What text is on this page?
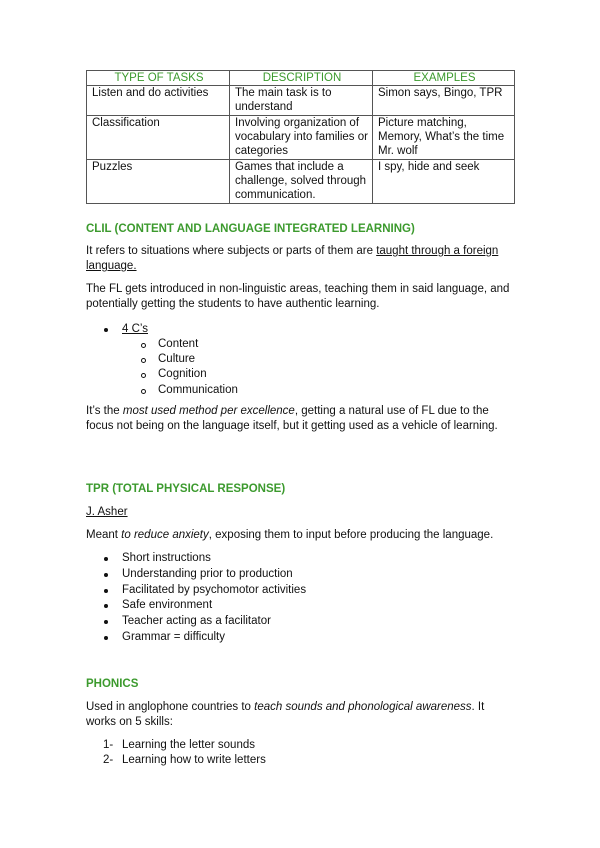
TYPE OF TASKS	DESCRIPTION	EXAMPLES
Listen and do activities	The main task is to understand	Simon says, Bingo, TPR
Classification	Involving organization of vocabulary into families or categories	Picture matching, Memory, What’s the time Mr. wolf
Puzzles	Games that include a challenge, solved through communication.	I spy, hide and seek
CLIL (CONTENT AND LANGUAGE INTEGRATED LEARNING)

It refers to situations where subjects or parts of them are taught through a foreign language.

The FL gets introduced in non-linguistic areas, teaching them in said language, and potentially getting the students to have authentic learning.

4 C’s
Content
Culture
Cognition
Communication

It’s the most used method per excellence, getting a natural use of FL due to the focus not being on the language itself, but it getting used as a vehicle of learning.

TPR (TOTAL PHYSICAL RESPONSE)

J. Asher

Meant to reduce anxiety, exposing them to input before producing the language.

Short instructions
Understanding prior to production
Facilitated by psychomotor activities
Safe environment
Teacher acting as a facilitator
Grammar = difficulty
PHONICS

Used in anglophone countries to teach sounds and phonological awareness. It works on 5 skills:

1- Learning the letter sounds
2- Learning how to write letters
